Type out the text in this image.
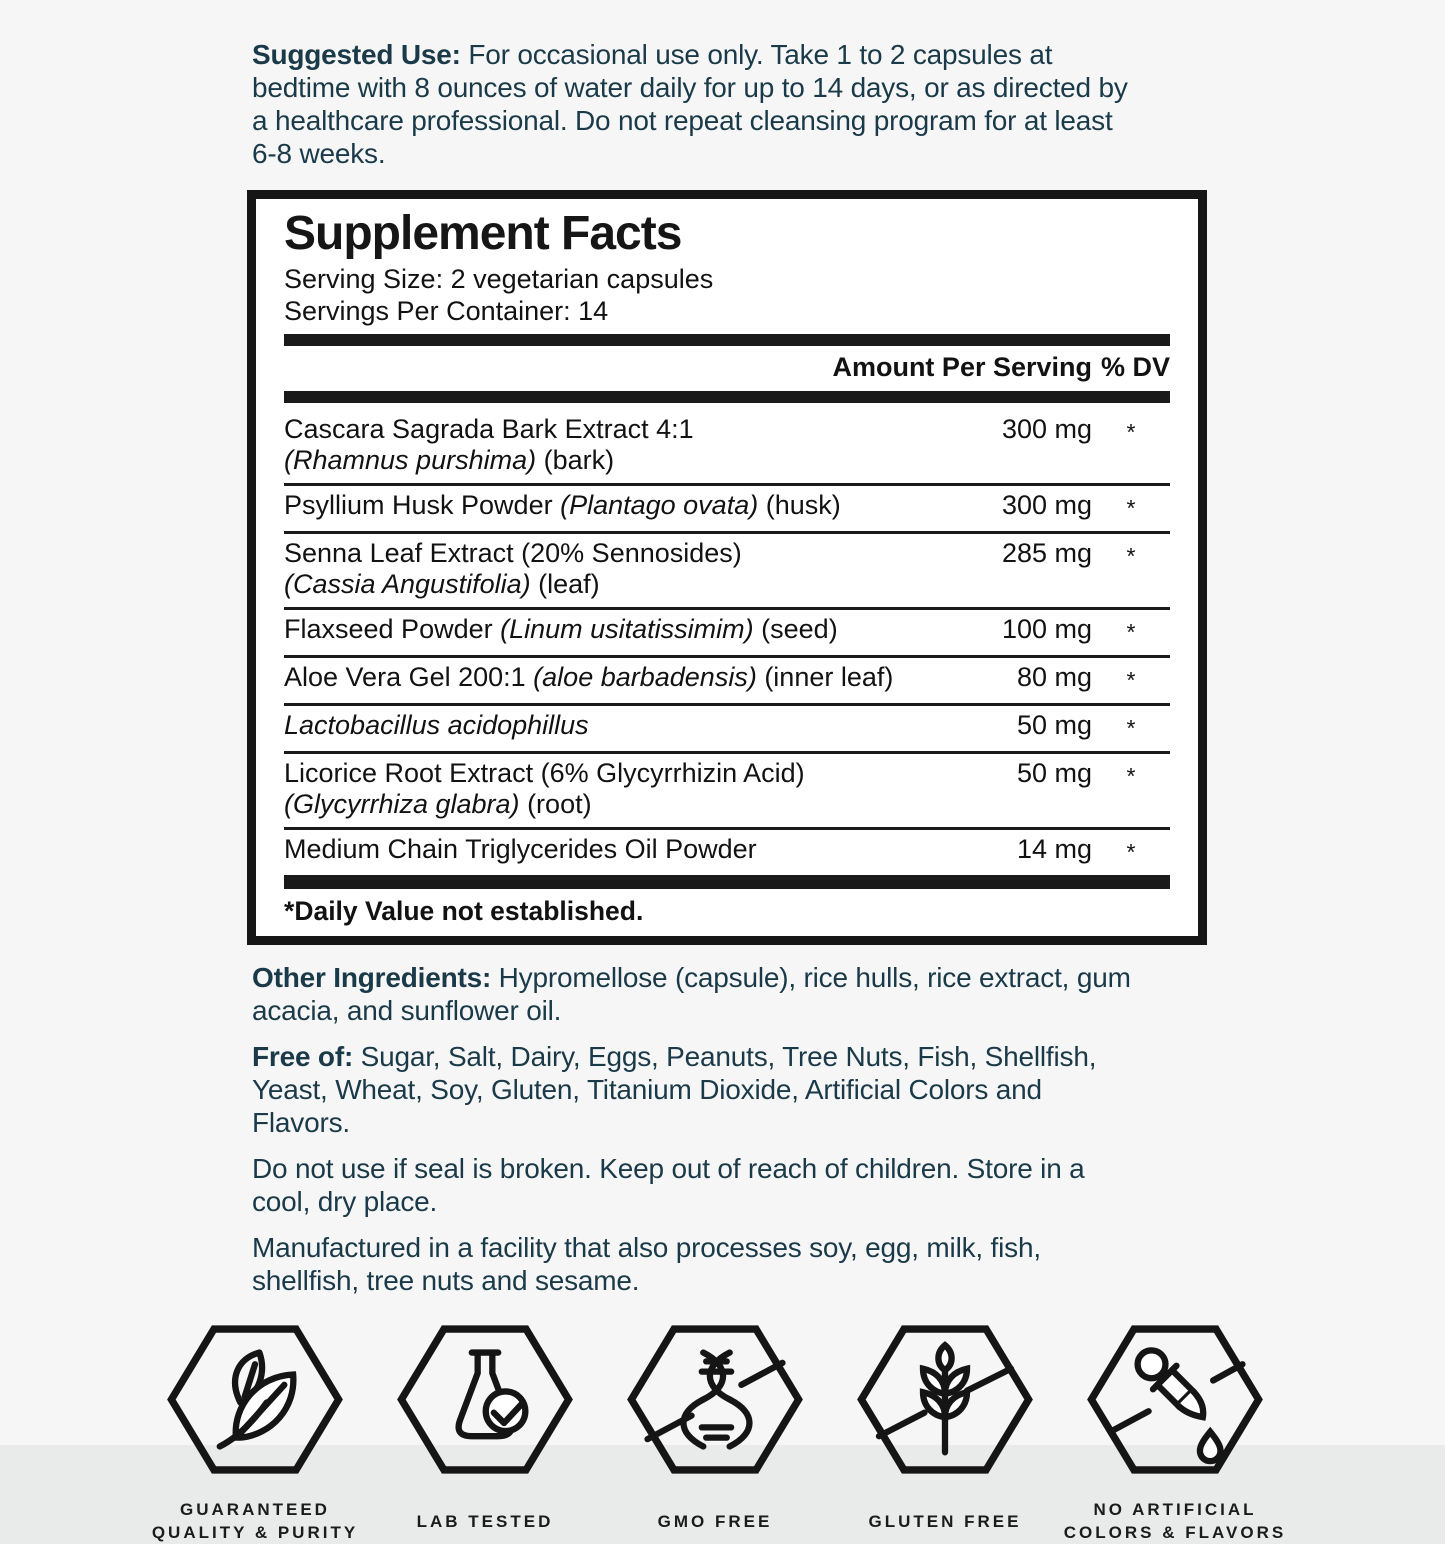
Suggested Use: For occasional use only. Take 1 to 2 capsules at bedtime with 8 ounces of water daily for up to 14 days, or as directed by a healthcare professional. Do not repeat cleansing program for at least 6-8 weeks.

Supplement Facts
Serving Size: 2 vegetarian capsules
Servings Per Container: 14
Amount Per Serving % DV
Cascara Sagrada Bark Extract 4:1
(Rhamnus purshima) (bark)
300 mg	*
Psyllium Husk Powder (Plantago ovata) (husk)	300 mg	*
Senna Leaf Extract (20% Sennosides)
(Cassia Angustifolia) (leaf)
285 mg	*
Flaxseed Powder (Linum usitatissimim) (seed)	100 mg	*
Aloe Vera Gel 200:1 (aloe barbadensis) (inner leaf)	80 mg	*
Lactobacillus acidophillus	50 mg	*
Licorice Root Extract (6% Glycyrrhizin Acid)
(Glycyrrhiza glabra) (root)
50 mg	*
Medium Chain Triglycerides Oil Powder	14 mg	*
*Daily Value not established.

Other Ingredients: Hypromellose (capsule), rice hulls, rice extract, gum acacia, and sunflower oil.

Free of: Sugar, Salt, Dairy, Eggs, Peanuts, Tree Nuts, Fish, Shellfish, Yeast, Wheat, Soy, Gluten, Titanium Dioxide, Artificial Colors and Flavors.

Do not use if seal is broken. Keep out of reach of children. Store in a cool, dry place.

Manufactured in a facility that also processes soy, egg, milk, fish, shellfish, tree nuts and sesame.

GUARANTEED QUALITY & PURITY
LAB TESTED	GMO FREE	GLUTEN FREE
NO ARTIFICIAL COLORS & FLAVORS
